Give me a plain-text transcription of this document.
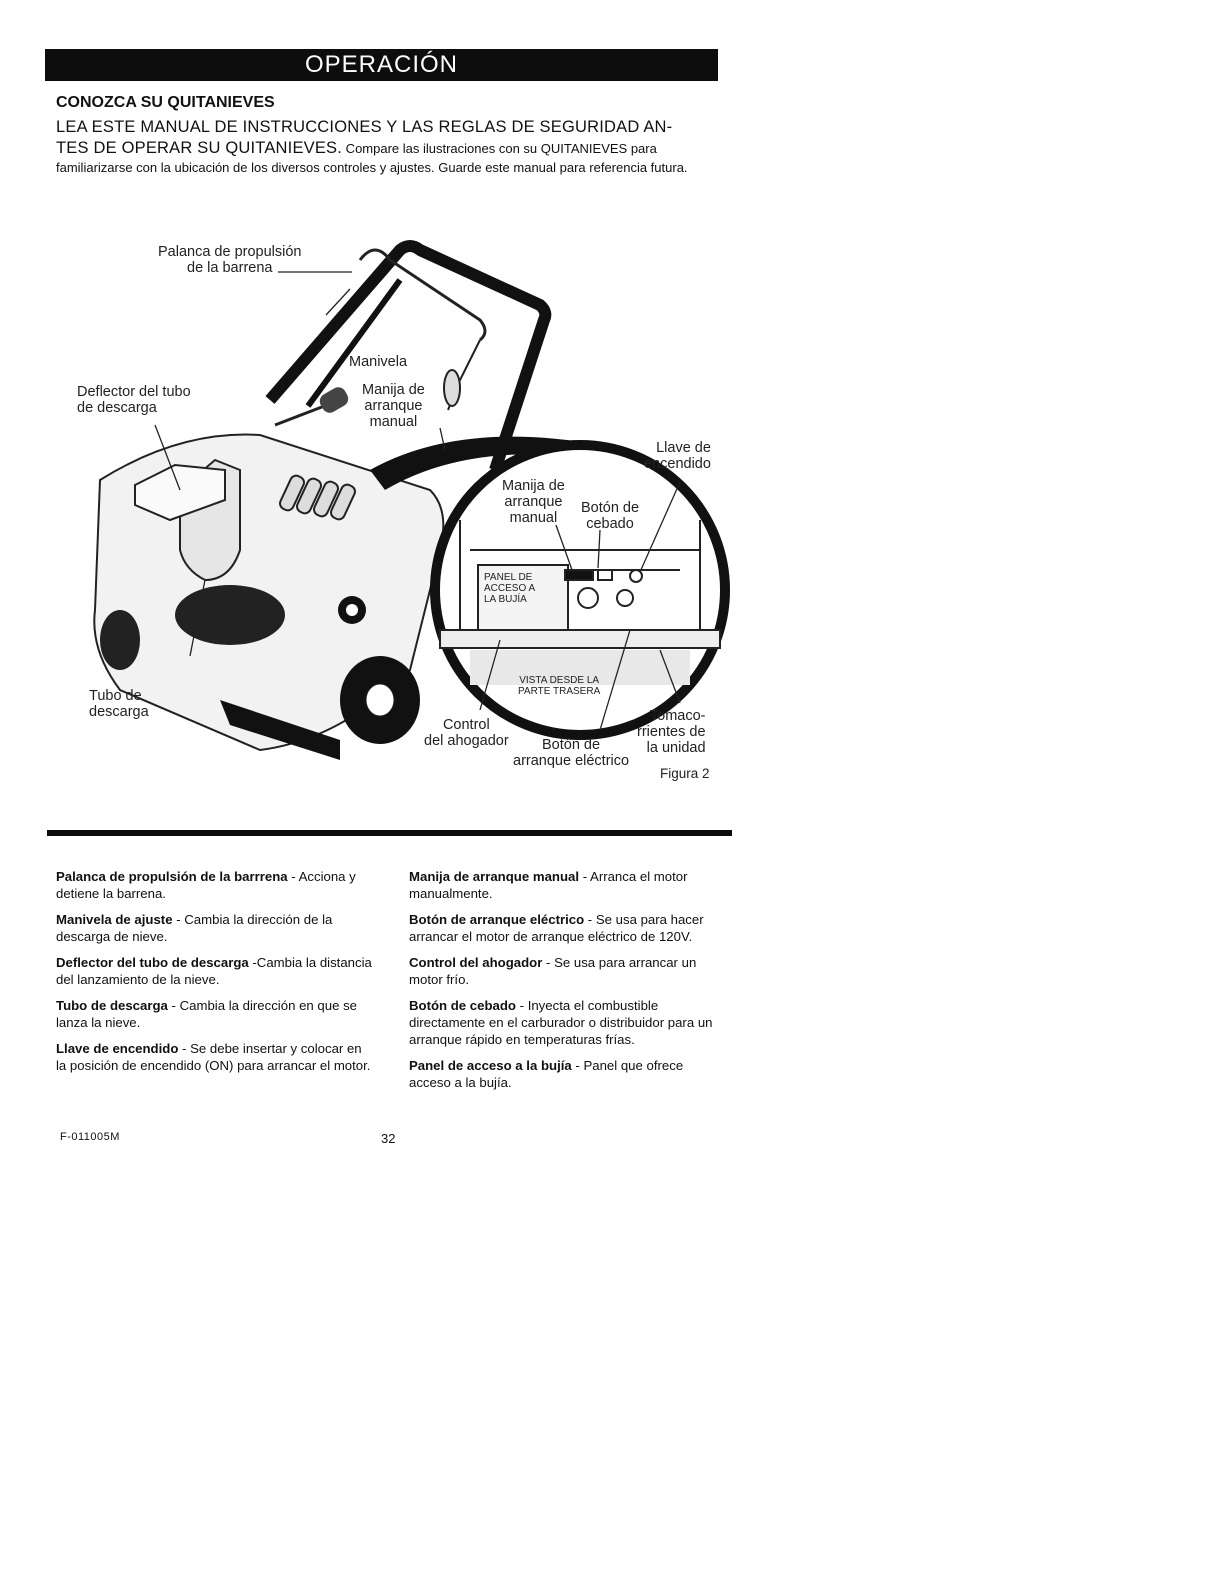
OPERACIÓN
CONOZCA SU QUITANIEVES
LEA ESTE MANUAL DE INSTRUCCIONES Y LAS REGLAS DE SEGURIDAD AN-
TES DE OPERAR SU QUITANIEVES. Compare las ilustraciones con su QUITANIEVES para familiarizarse con la ubicación de los diversos controles y ajustes. Guarde este manual para referencia futura.
Palanca de propulsión
de la barrena
Manivela
Deflector del tubo
de descarga
Manija de
arranque
manual
Llave de
encendido
Manija de
arranque
manual
Botón de
cebado
PANEL DE
ACCESO A
LA BUJÍA
VISTA DESDE LA
PARTE TRASERA
Tubo de
descarga
Control
del ahogador	Botón de
arranque eléctrico
Tomaco-
rrientes de
la unidad
Figura 2

Palanca de propulsión de la barrrena - Acciona y detiene la barrena.

Manivela de ajuste - Cambia la dirección de la descarga de nieve.

Deflector del tubo de descarga -Cambia la distancia del lanzamiento de la nieve.

Tubo de descarga - Cambia la dirección en que se lanza la nieve.

Llave de encendido - Se debe insertar y colocar en la posición de encendido (ON) para arrancar el motor.

Manija de arranque manual - Arranca el motor manualmente.

Botón de arranque eléctrico - Se usa para hacer arrancar el motor de arranque eléctrico de 120V.

Control del ahogador - Se usa para arrancar un motor frío.

Botón de cebado - Inyecta el combustible directamente en el carburador o distribuidor para un arranque rápido en temperaturas frías.

Panel de acceso a la bujía - Panel que ofrece acceso a la bujía.

F-011005M	32
